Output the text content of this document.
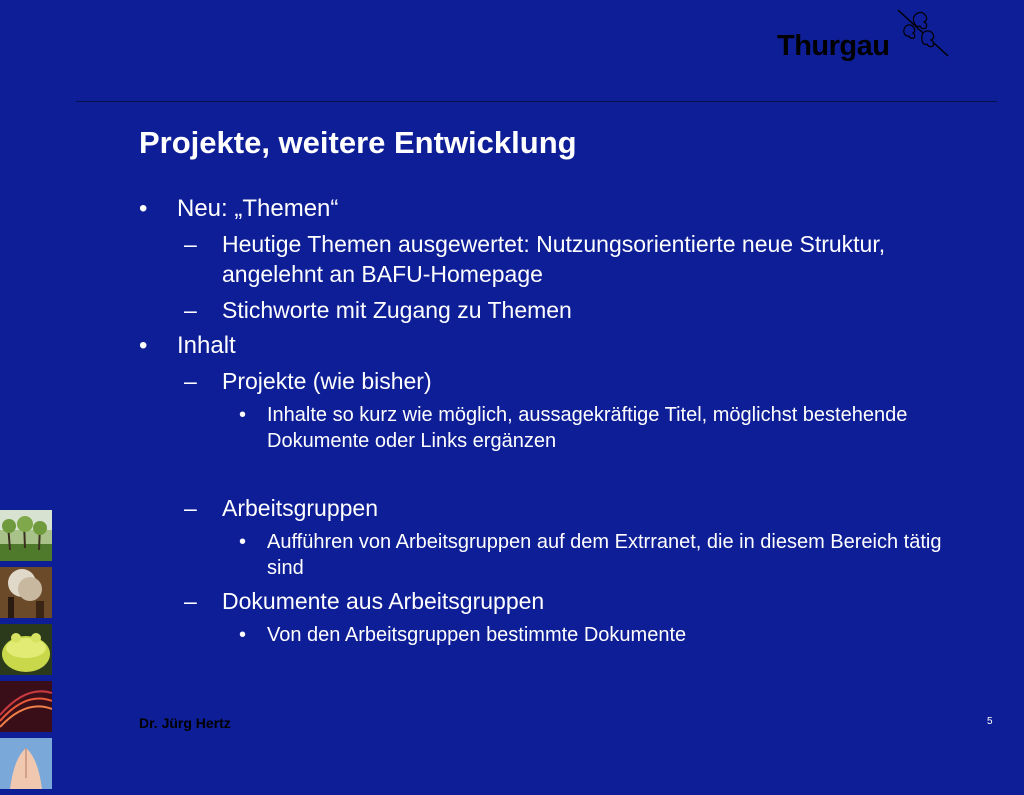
Thurgau
Projekte, weitere Entwicklung
• Neu: „Themen“
– Heutige Themen ausgewertet: Nutzungsorientierte neue Struktur, angelehnt an BAFU-Homepage
– Stichworte mit Zugang zu Themen
• Inhalt
– Projekte (wie bisher)
• Inhalte so kurz wie möglich, aussagekräftige Titel, möglichst bestehende Dokumente oder Links ergänzen
– Arbeitsgruppen
• Aufführen von Arbeitsgruppen auf dem Extrranet, die in diesem Bereich tätig sind
– Dokumente aus Arbeitsgruppen
• Von den Arbeitsgruppen bestimmte Dokumente

Dr. Jürg Hertz	5
